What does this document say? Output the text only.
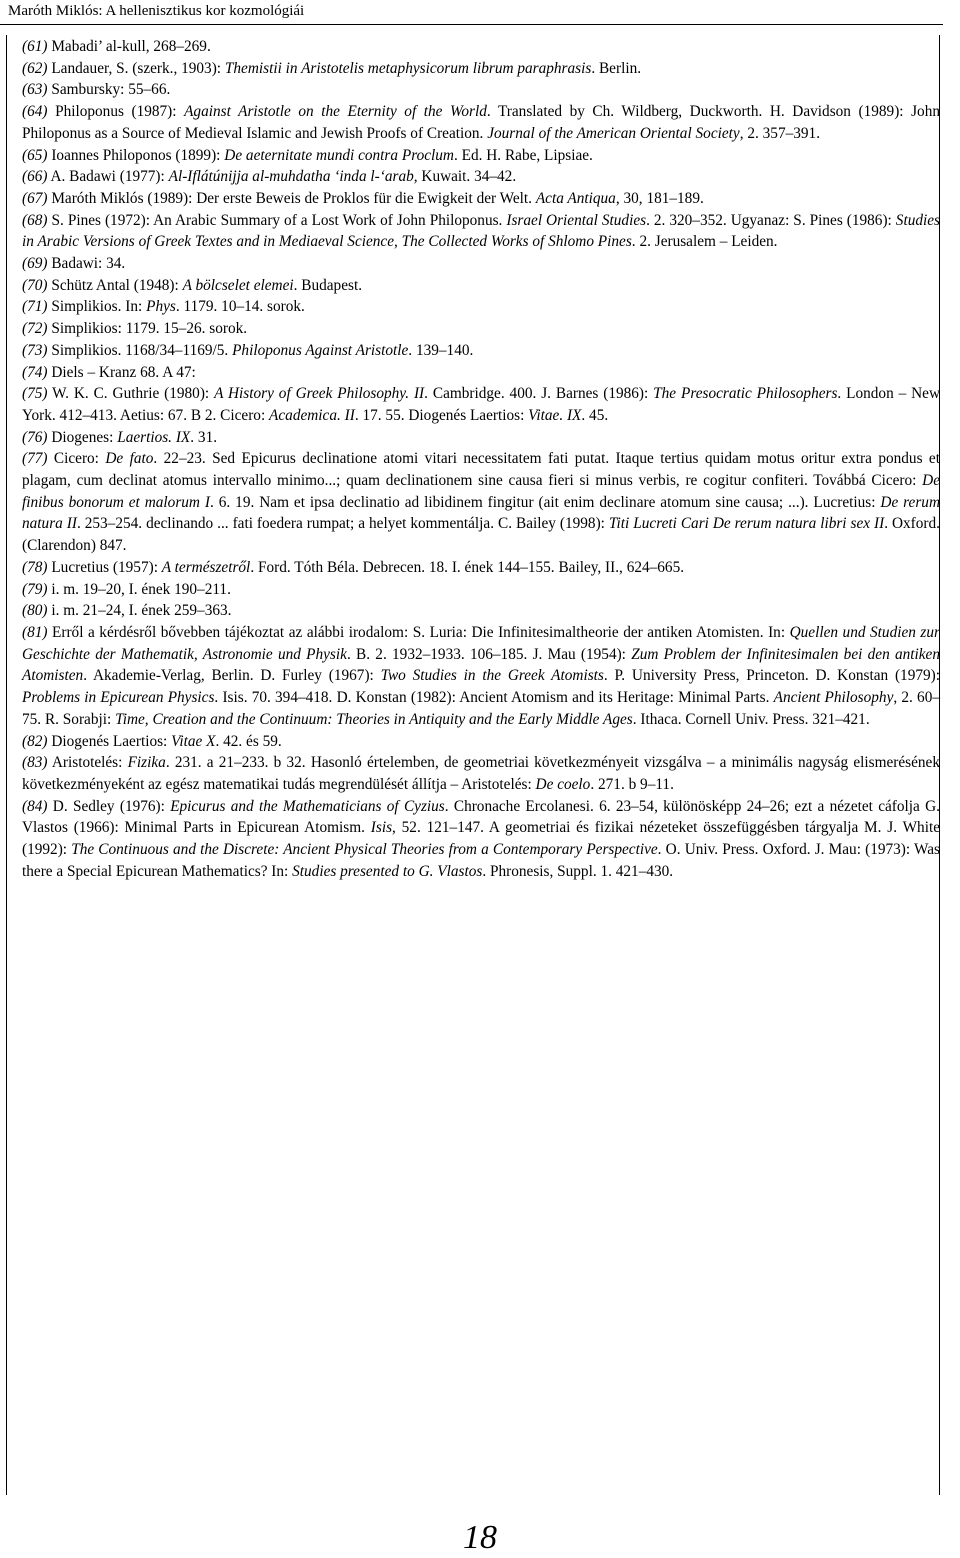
Maróth Miklós: A hellenisztikus kor kozmológiái

(61) Mabadi’ al-kull, 268–269.

(62) Landauer, S. (szerk., 1903): Themistii in Aristotelis metaphysicorum librum paraphrasis. Berlin.

(63) Sambursky: 55–66.

(64) Philoponus (1987): Against Aristotle on the Eternity of the World. Translated by Ch. Wildberg, Duckworth. H. Davidson (1989): John Philoponus as a Source of Medieval Islamic and Jewish Proofs of Creation. Journal of the American Oriental Society, 2. 357–391.

(65) Ioannes Philoponos (1899): De aeternitate mundi contra Proclum. Ed. H. Rabe, Lipsiae.

(66) A. Badawi (1977): Al-Iflátúnijja al-muhdatha ‘inda l-‘arab, Kuwait. 34–42.

(67) Maróth Miklós (1989): Der erste Beweis de Proklos für die Ewigkeit der Welt. Acta Antiqua, 30, 181–189.

(68) S. Pines (1972): An Arabic Summary of a Lost Work of John Philoponus. Israel Oriental Studies. 2. 320–352. Ugyanaz: S. Pines (1986): Studies in Arabic Versions of Greek Textes and in Mediaeval Science, The Collected Works of Shlomo Pines. 2. Jerusalem – Leiden.

(69) Badawi: 34.

(70) Schütz Antal (1948): A bölcselet elemei. Budapest.

(71) Simplikios. In: Phys. 1179. 10–14. sorok.

(72) Simplikios: 1179. 15–26. sorok.

(73) Simplikios. 1168/34–1169/5. Philoponus Against Aristotle. 139–140.

(74) Diels – Kranz 68. A 47:

(75) W. K. C. Guthrie (1980): A History of Greek Philosophy. II. Cambridge. 400. J. Barnes (1986): The Presocratic Philosophers. London – New York. 412–413. Aetius: 67. B 2. Cicero: Academica. II. 17. 55. Diogenés Laertios: Vitae. IX. 45.

(76) Diogenes: Laertios. IX. 31.

(77) Cicero: De fato. 22–23. Sed Epicurus declinatione atomi vitari necessitatem fati putat. Itaque tertius quidam motus oritur extra pondus et plagam, cum declinat atomus intervallo minimo...; quam declinationem sine causa fieri si minus verbis, re cogitur confiteri. Továbbá Cicero: De finibus bonorum et malorum I. 6. 19. Nam et ipsa declinatio ad libidinem fingitur (ait enim declinare atomum sine causa; ...). Lucretius: De rerum natura II. 253–254. declinando ... fati foedera rumpat; a helyet kommentálja. C. Bailey (1998): Titi Lucreti Cari De rerum natura libri sex II. Oxford. (Clarendon) 847.

(78) Lucretius (1957): A természetről. Ford. Tóth Béla. Debrecen. 18. I. ének 144–155. Bailey, II., 624–665.

(79) i. m. 19–20, I. ének 190–211.

(80) i. m. 21–24, I. ének 259–363.

(81) Erről a kérdésről bővebben tájékoztat az alábbi irodalom: S. Luria: Die Infinitesimaltheorie der antiken Atomisten. In: Quellen und Studien zur Geschichte der Mathematik, Astronomie und Physik. B. 2. 1932–1933. 106–185. J. Mau (1954): Zum Problem der Infinitesimalen bei den antiken Atomisten. Akademie-Verlag, Berlin. D. Furley (1967): Two Studies in the Greek Atomists. P. University Press, Princeton. D. Konstan (1979): Problems in Epicurean Physics. Isis. 70. 394–418. D. Konstan (1982): Ancient Atomism and its Heritage: Minimal Parts. Ancient Philosophy, 2. 60–75. R. Sorabji: Time, Creation and the Continuum: Theories in Antiquity and the Early Middle Ages. Ithaca. Cornell Univ. Press. 321–421.

(82) Diogenés Laertios: Vitae X. 42. és 59.

(83) Aristotelés: Fizika. 231. a 21–233. b 32. Hasonló értelemben, de geometriai következményeit vizsgálva – a minimális nagyság elismerésének következményeként az egész matematikai tudás megrendülését állítja – Aristotelés: De coelo. 271. b 9–11.

(84) D. Sedley (1976): Epicurus and the Mathematicians of Cyzius. Chronache Ercolanesi. 6. 23–54, különösképp 24–26; ezt a nézetet cáfolja G. Vlastos (1966): Minimal Parts in Epicurean Atomism. Isis, 52. 121–147. A geometriai és fizikai nézeteket összefüggésben tárgyalja M. J. White (1992): The Continuous and the Discrete: Ancient Physical Theories from a Contemporary Perspective. O. Univ. Press. Oxford. J. Mau: (1973): Was there a Special Epicurean Mathematics? In: Studies presented to G. Vlastos. Phronesis, Suppl. 1. 421–430.

18
